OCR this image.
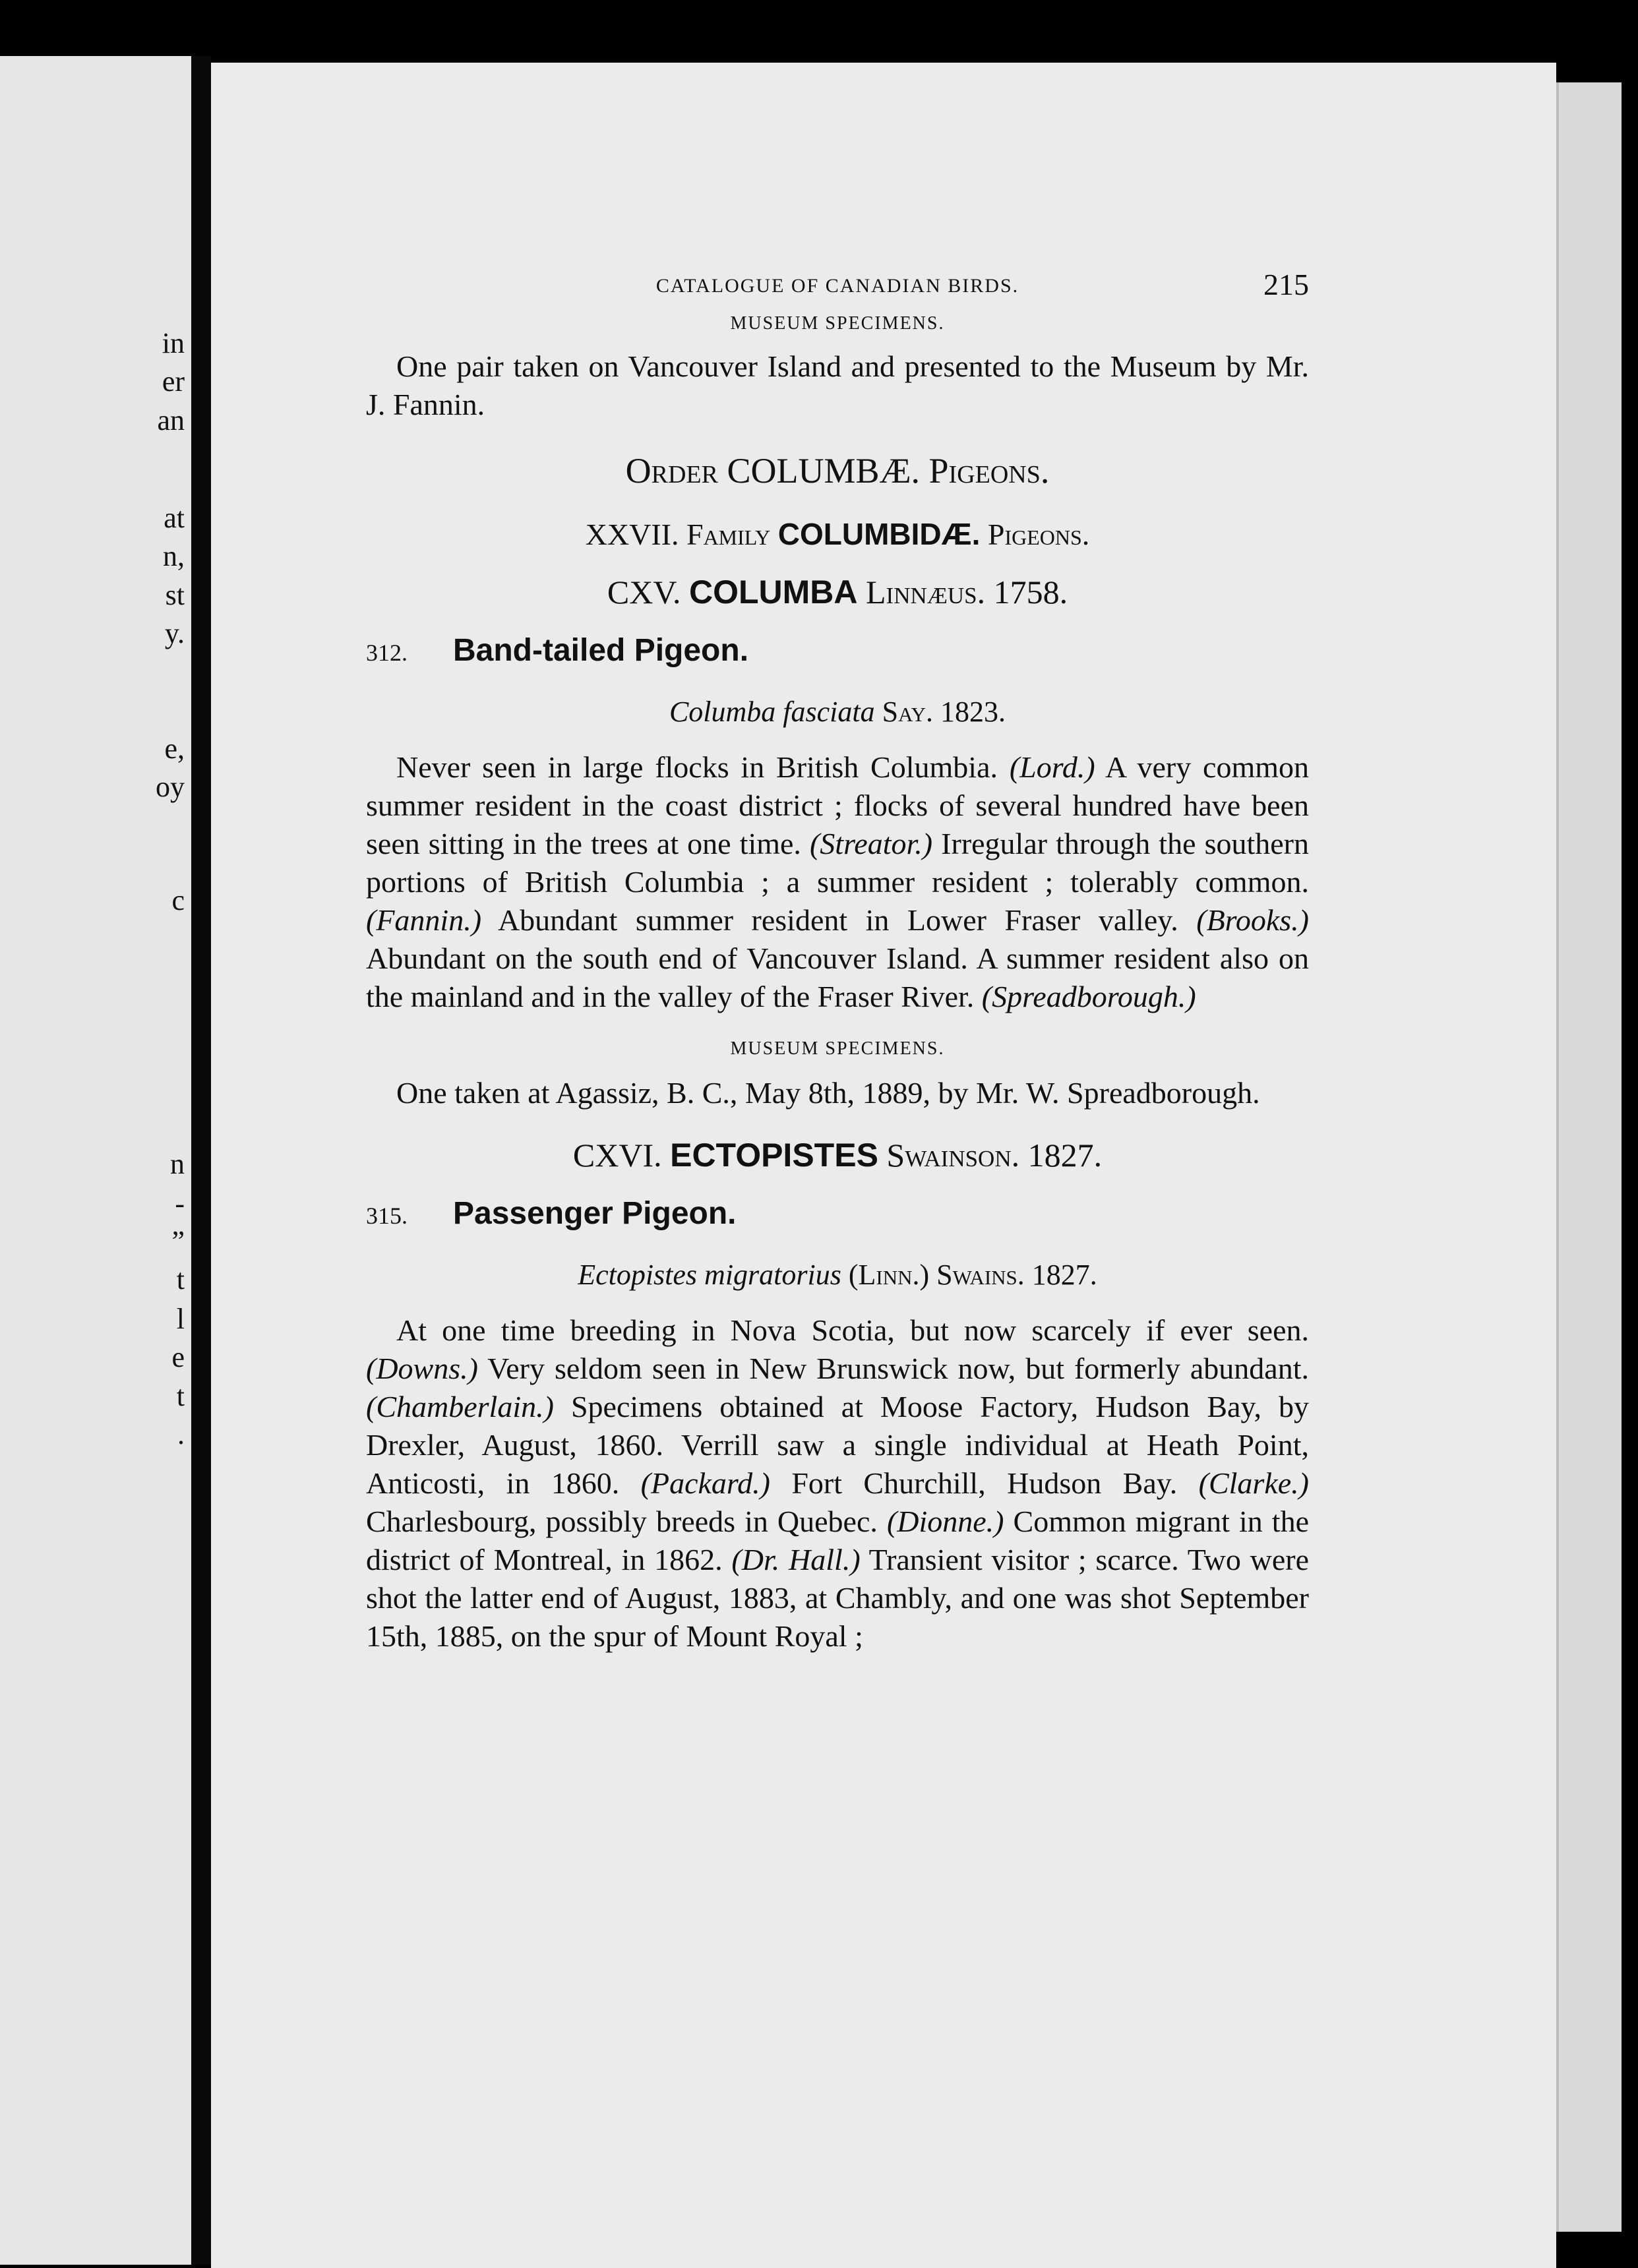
in
er
an
at
n,
st
y.
e,
oy
c
n
-
”
t
l
e
t
.
CATALOGUE OF CANADIAN BIRDS.	215
MUSEUM SPECIMENS.

One pair taken on Vancouver Island and presented to the Museum by Mr. J. Fannin.

Order COLUMBÆ. Pigeons.
XXVII. Family COLUMBIDÆ. Pigeons.
CXV. COLUMBA Linnæus. 1758.
312.	Band-tailed Pigeon.
Columba fasciata Say. 1823.

Never seen in large flocks in British Columbia. (Lord.) A very common summer resident in the coast district ; flocks of several hundred have been seen sitting in the trees at one time. (Streator.) Irregular through the southern portions of British Columbia ; a summer resident ; tolerably common. (Fannin.) Abundant summer resident in Lower Fraser valley. (Brooks.) Abundant on the south end of Vancouver Island. A summer resident also on the mainland and in the valley of the Fraser River. (Spreadborough.)

MUSEUM SPECIMENS.

One taken at Agassiz, B. C., May 8th, 1889, by Mr. W. Spreadborough.

CXVI. ECTOPISTES Swainson. 1827.
315.	Passenger Pigeon.
Ectopistes migratorius (Linn.) Swains. 1827.

At one time breeding in Nova Scotia, but now scarcely if ever seen. (Downs.) Very seldom seen in New Brunswick now, but formerly abundant. (Chamberlain.) Specimens obtained at Moose Factory, Hudson Bay, by Drexler, August, 1860. Verrill saw a single individual at Heath Point, Anticosti, in 1860. (Packard.) Fort Churchill, Hudson Bay. (Clarke.) Charlesbourg, possibly breeds in Quebec. (Dionne.) Common migrant in the district of Montreal, in 1862. (Dr. Hall.) Transient visitor ; scarce. Two were shot the latter end of August, 1883, at Chambly, and one was shot September 15th, 1885, on the spur of Mount Royal ;
